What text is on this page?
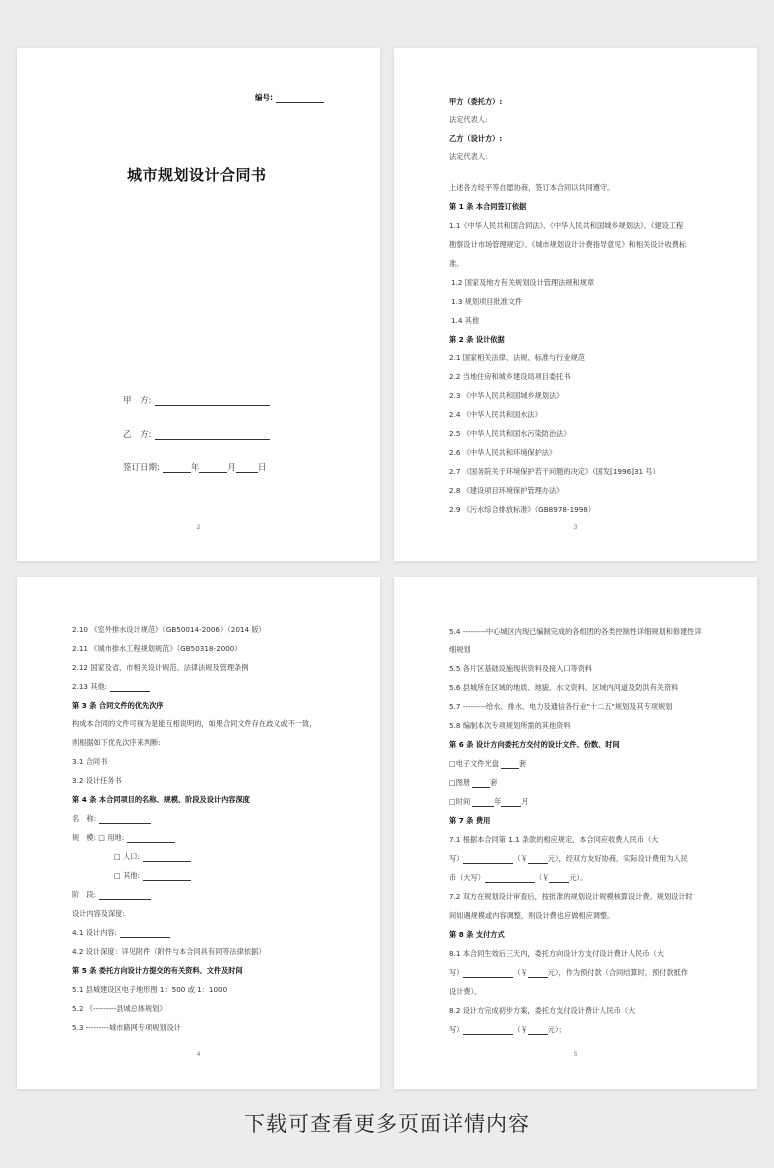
编号:
城市规划设计合同书
甲　方:
乙　方:
签订日期:	年	月	日
2
甲方（委托方）:
法定代表人:
乙方（设计方）:
法定代表人:
上述各方经平等自愿协商，签订本合同以共同遵守。
第 1 条 本合同签订依据
1.1《中华人民共和国合同法》、《中华人民共和国城乡规划法》、《建设工程
勘察设计市场管理规定》、《城市规划设计计费指导意见》和相关设计收费标
准。
1.2 国家及地方有关规划设计管理法规和规章
1.3 规划项目批准文件
1.4 其他
第 2 条 设计依据
2.1 国家相关法律、法规、标准与行业规范
2.2 当地住房和城乡建设局项目委托书
2.3 《中华人民共和国城乡规划法》
2.4 《中华人民共和国水法》
2.5 《中华人民共和国水污染防治法》
2.6 《中华人民共和环境保护法》
2.7 《国务院关于环境保护若干问题的决定》（国发[1996]31 号）
2.8 《建设项目环境保护管理办法》
2.9 《污水综合排放标准》（GB8978-1998）
3
2.10 《室外排水设计规范》（GB50014-2006）（2014 版）
2.11 《城市排水工程规划规范》（GB50318-2000）
2.12 国家及省、市相关设计规范、法律法规及管理条例
2.13 其他:
第 3 条 合同文件的优先次序
构成本合同的文件可视为是能互相说明的，如果合同文件存在歧义或不一致，
则根据如下优先次序来判断:
3.1 合同书
3.2 设计任务书
第 4 条 本合同项目的名称、规模、阶段及设计内容深度
名　称:
规　模: □ 用地:
□ 人口:
□ 其他:
阶　段:
设计内容及深度:
4.1 设计内容:
4.2 设计深度：详见附件（附件与本合同具有同等法律依据）
第 5 条 委托方向设计方提交的有关资料、文件及时间
5.1 县城建设区电子地形图 1：500 或 1：1000
5.2 《---------县城总体规划》
5.3 ---------城市路网专项规划设计
4
5.4 ---------中心城区内现已编制完成的各组团的各类控制性详细规划和修建性详
细规划
5.5 各片区基础设施现状资料及接入口等资料
5.6 县城所在区域的地质、地貌、水文资料、区域内河道及防洪有关资料
5.7 ---------给水、排水、电力及通信各行业"十二五"规划及其专项规划
5.8 编制本次专项规划所需的其他资料
第 6 条 设计方向委托方交付的设计文件、份数、时间
□电子文件光盘	套
□图册	套
□时间	年	月
第 7 条 费用
7.1 根据本合同第 1.1 条款的相应规定，本合同应收费人民币（大
写）	（￥	元），经双方友好协商，实际设计费用为人民
币（大写）	（￥	元）。
7.2 双方在规划设计审查后，按批准的规划设计规模核算设计费。规划设计时
间如遇规模或内容调整，则设计费也应做相应调整。
第 8 条 支付方式
8.1 本合同生效后三天内，委托方向设计方支付设计费计人民币（大
写）	（￥	元），作为预付款（合同结算时，预付款抵作
设计费）。
8.2 设计方完成初步方案，委托方支付设计费计人民币（大
写）	（￥	元）；
5
下载可查看更多页面详情内容
